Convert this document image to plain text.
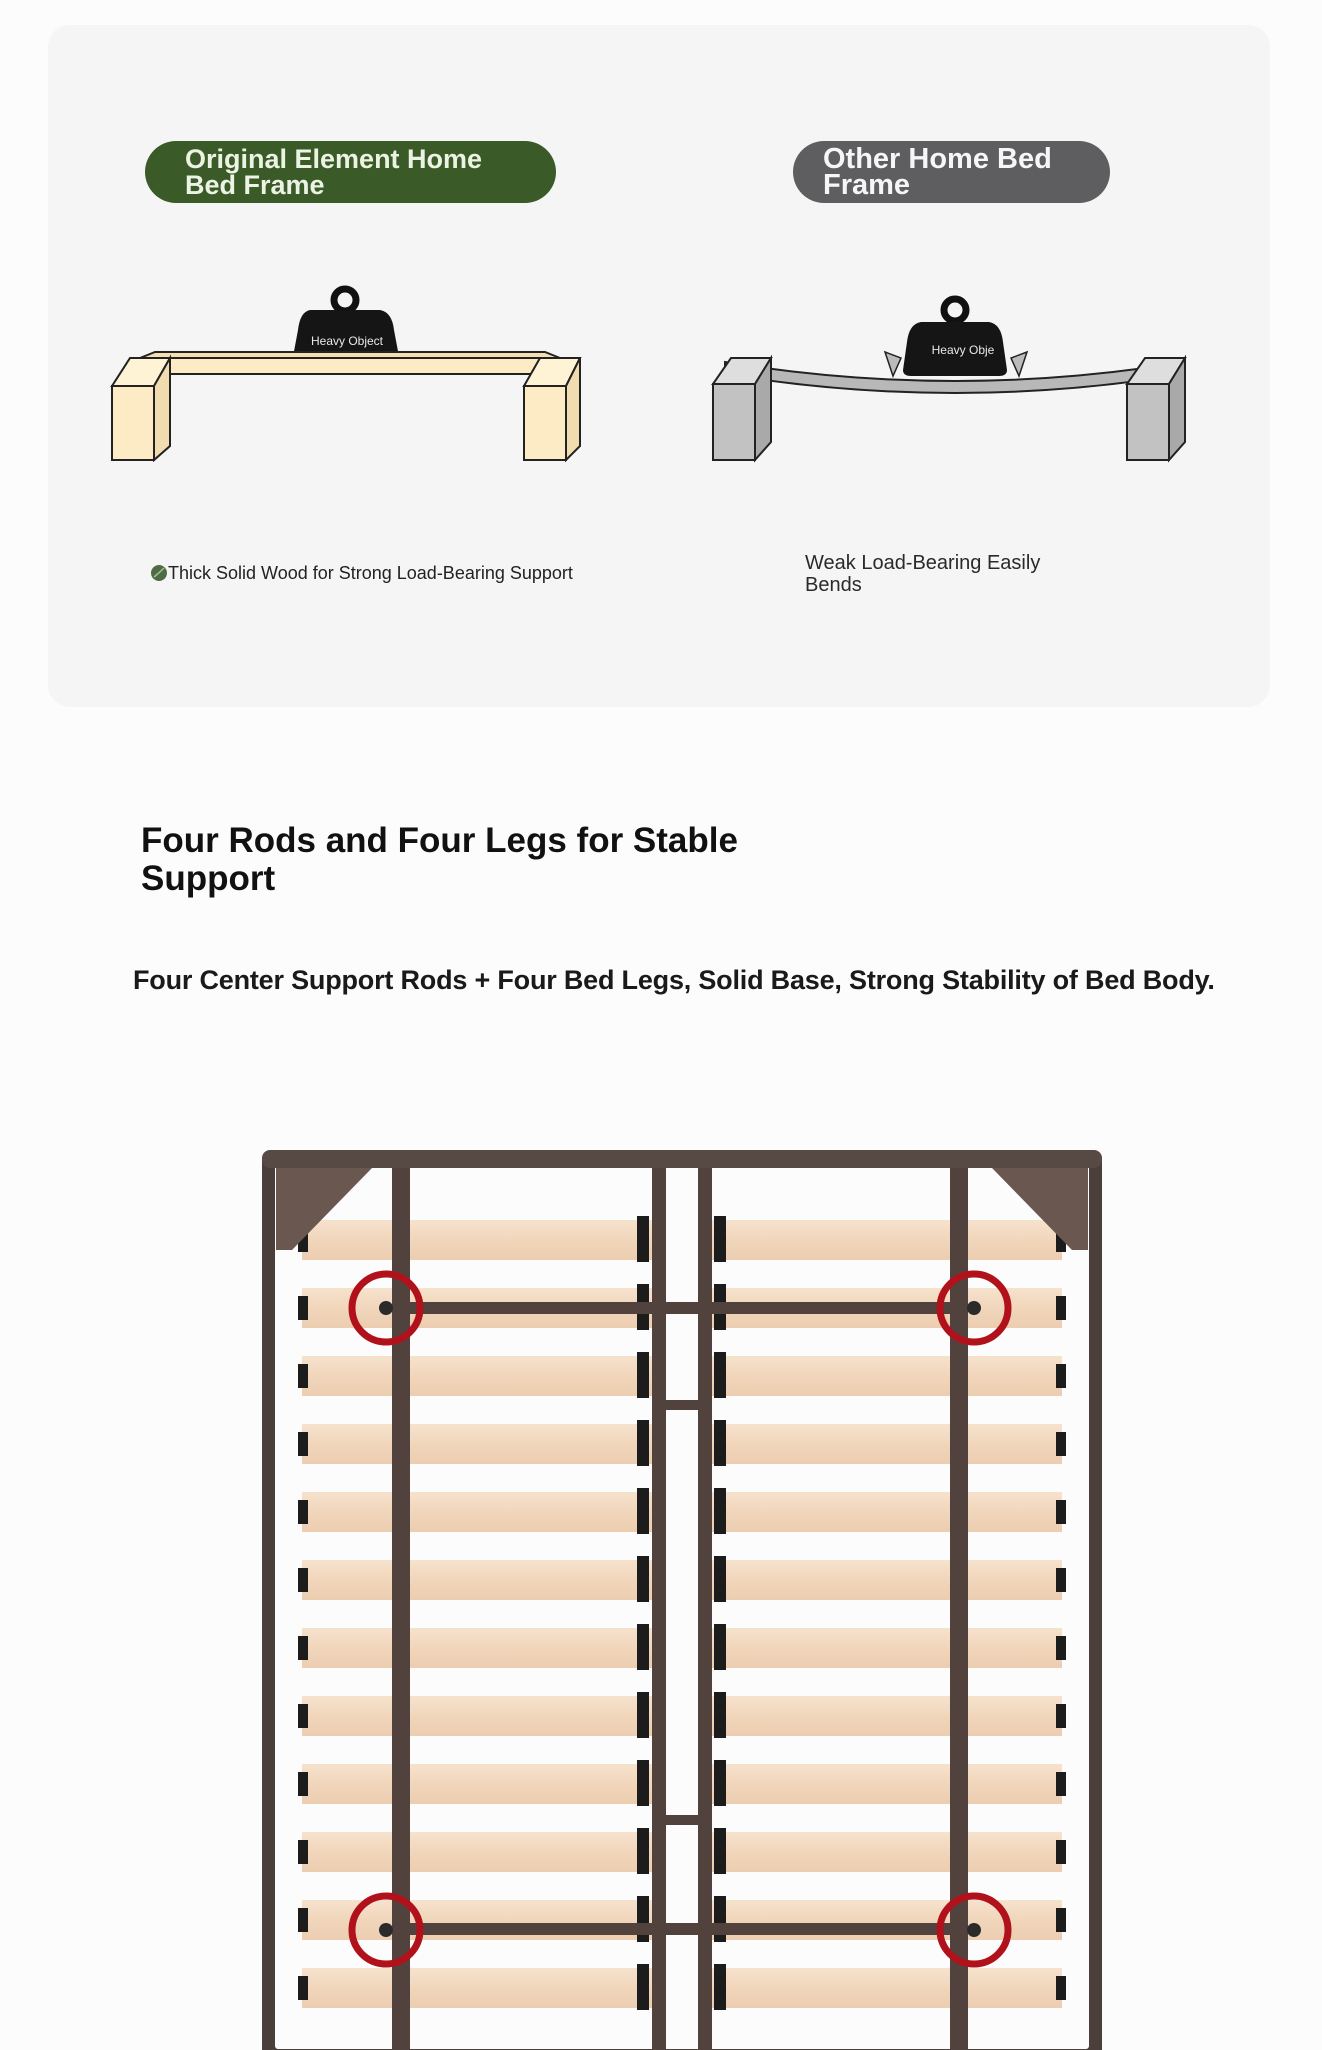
Original Element Home Bed Frame
Other Home Bed Frame
Heavy Object
Heavy Obje
Thick Solid Wood for Strong Load-Bearing Support	Weak Load-Bearing Easily Bends
Four Rods and Four Legs for Stable Support
Four Center Support Rods + Four Bed Legs, Solid Base, Strong Stability of Bed Body.
